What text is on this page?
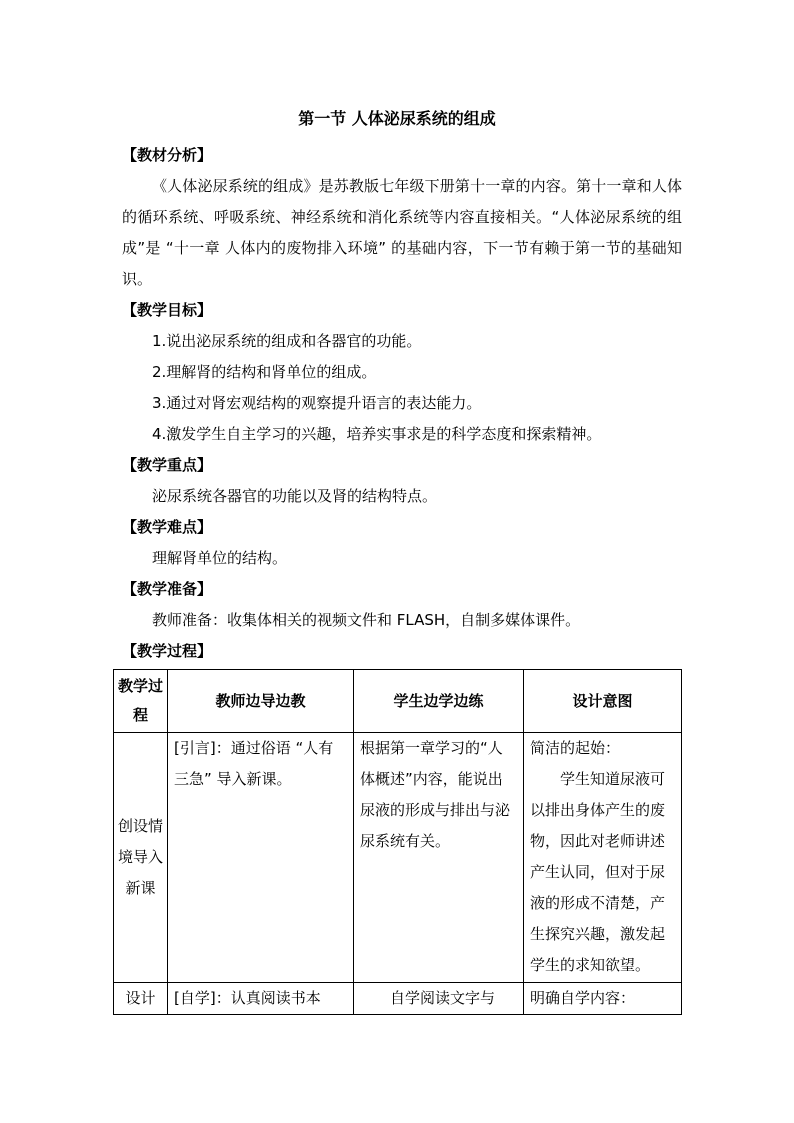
第一节 人体泌尿系统的组成
【教材分析】
《人体泌尿系统的组成》是苏教版七年级下册第十一章的内容。第十一章和人体的循环系统、呼吸系统、神经系统和消化系统等内容直接相关。“人体泌尿系统的组成”是 “十一章 人体内的废物排入环境” 的基础内容，下一节有赖于第一节的基础知识。
【教学目标】
1.说出泌尿系统的组成和各器官的功能。
2.理解肾的结构和肾单位的组成。
3.通过对肾宏观结构的观察提升语言的表达能力。
4.激发学生自主学习的兴趣，培养实事求是的科学态度和探索精神。
【教学重点】
泌尿系统各器官的功能以及肾的结构特点。
【教学难点】
理解肾单位的结构。
【教学准备】
教师准备：收集体相关的视频文件和 FLASH，自制多媒体课件。
【教学过程】
教学过程	教师边导边教	学生边学边练	设计意图
创设情境导入新课	[引言]：通过俗语 “人有三急” 导入新课。	根据第一章学习的“人体概述”内容，能说出尿液的形成与排出与泌尿系统有关。	简洁的起始：
学生知道尿液可以排出身体产生的废物，因此对老师讲述产生认同，但对于尿液的形成不清楚，产生探究兴趣，激发起学生的求知欲望。

设计	[自学]：认真阅读书本	自学阅读文字与	明确自学内容：
